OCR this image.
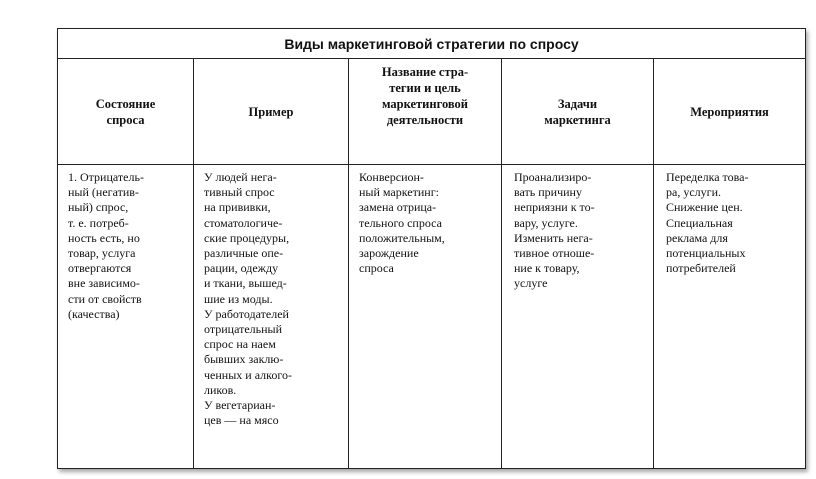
Виды маркетинговой стратегии по спросу
Состояние
спроса
1. Отрицатель-
ный (негатив-
ный) спрос,
т. е. потреб-
ность есть, но
товар, услуга
отвергаются
вне зависимо-
сти от свойств
(качества)
Пример
У людей нега-
тивный спрос
на прививки,
стоматологиче-
ские процедуры,
различные опе-
рации, одежду
и ткани, вышед-
шие из моды.
У работодателей
отрицательный
спрос на наем
бывших заклю-
ченных и алкого-
ликов.
У вегетариан-
цев — на мясо
Название стра-
тегии и цель
маркетинговой
деятельности
Конверсион-
ный маркетинг:
замена отрица-
тельного спроса
положительным,
зарождение
спроса
Задачи
маркетинга
Проанализиро-
вать причину
неприязни к то-
вару, услуге.
Изменить нега-
тивное отноше-
ние к товару,
услуге
Мероприятия
Переделка това-
ра, услуги.
Снижение цен.
Специальная
реклама для
потенциальных
потребителей
